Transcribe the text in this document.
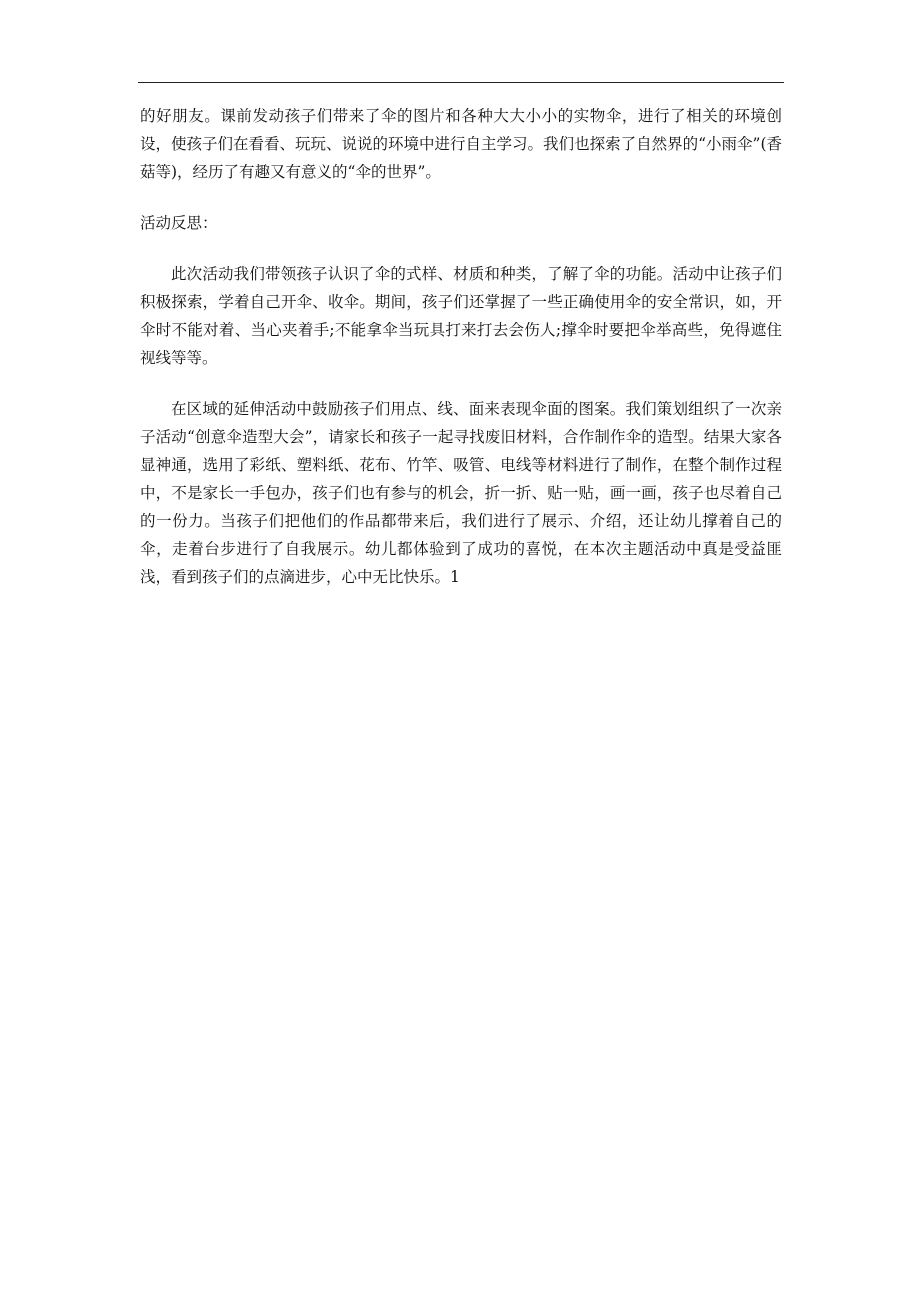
的好朋友。课前发动孩子们带来了伞的图片和各种大大小小的实物伞，进行了相关的环境创设，使孩子们在看看、玩玩、说说的环境中进行自主学习。我们也探索了自然界的“小雨伞”(香菇等)，经历了有趣又有意义的“伞的世界”。

活动反思：

此次活动我们带领孩子认识了伞的式样、材质和种类，了解了伞的功能。活动中让孩子们积极探索，学着自己开伞、收伞。期间，孩子们还掌握了一些正确使用伞的安全常识，如，开伞时不能对着、当心夹着手;不能拿伞当玩具打来打去会伤人;撑伞时要把伞举高些，免得遮住视线等等。

在区域的延伸活动中鼓励孩子们用点、线、面来表现伞面的图案。我们策划组织了一次亲子活动“创意伞造型大会”，请家长和孩子一起寻找废旧材料，合作制作伞的造型。结果大家各显神通，选用了彩纸、塑料纸、花布、竹竿、吸管、电线等材料进行了制作，在整个制作过程中，不是家长一手包办，孩子们也有参与的机会，折一折、贴一贴，画一画，孩子也尽着自己的一份力。当孩子们把他们的作品都带来后，我们进行了展示、介绍，还让幼儿撑着自己的伞，走着台步进行了自我展示。幼儿都体验到了成功的喜悦，在本次主题活动中真是受益匪浅，看到孩子们的点滴进步，心中无比快乐。1
